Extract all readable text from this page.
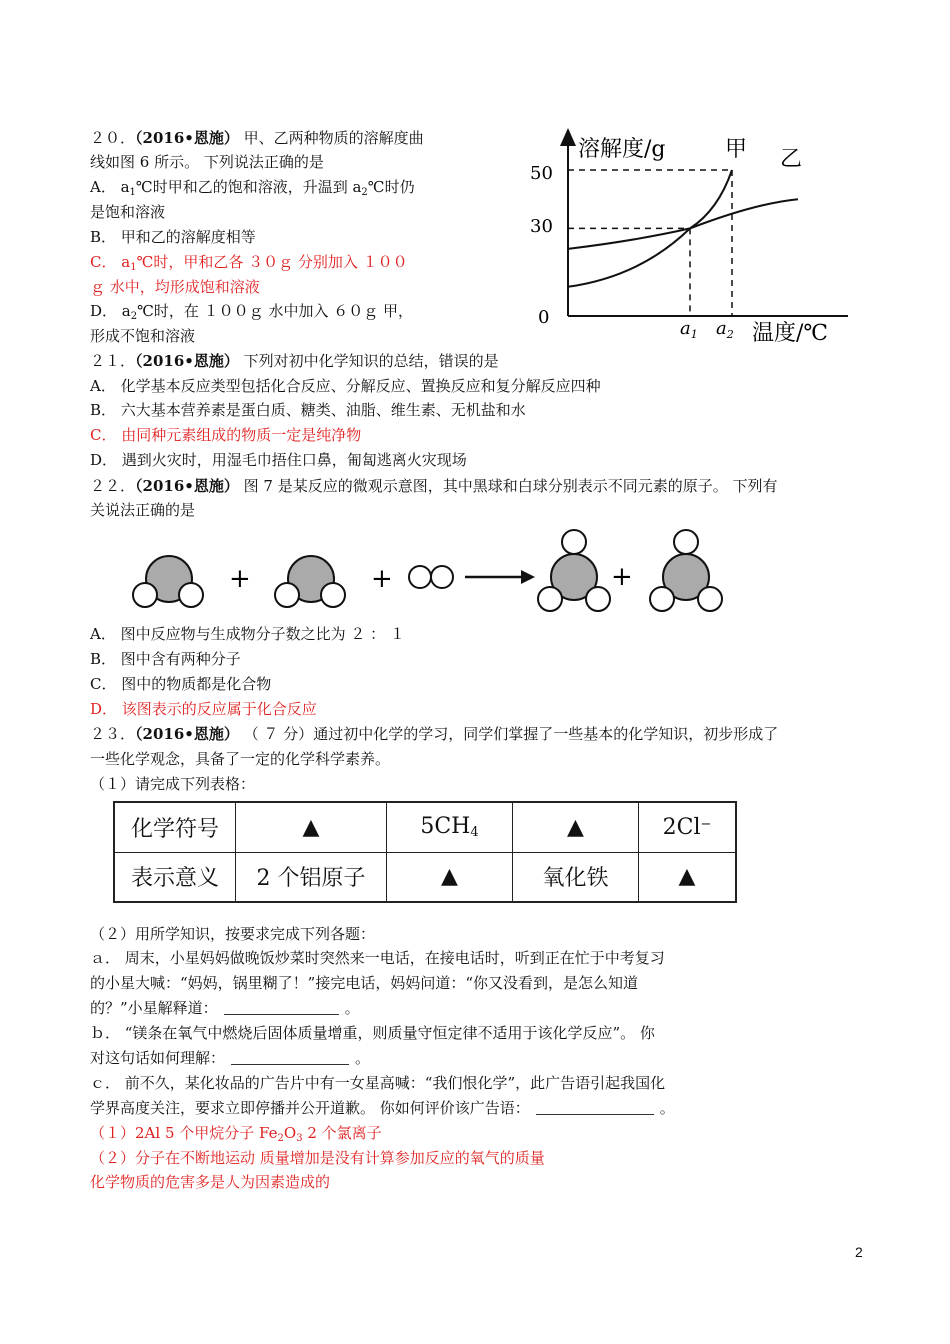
２０．（2016•恩施） 甲、乙两种物质的溶解度曲
线如图 6 所示。 下列说法正确的是
A． $a_1℃$时甲和乙的饱和溶液，升温到 $a_2℃$时仍
是饱和溶液
B． 甲和乙的溶解度相等
C． $a_1℃$时，甲和乙各 ３０ｇ 分别加入 １００
ｇ 水中，均形成饱和溶液
D． $a_2℃$时，在 １００ｇ 水中加入 ６０ｇ 甲，
形成不饱和溶液
溶解度/g	甲 乙
50
30
0
$a_1$ $a_2$ 温度/℃
２１．（2016•恩施） 下列对初中化学知识的总结，错误的是
A． 化学基本反应类型包括化合反应、分解反应、置换反应和复分解反应四种
B． 六大基本营养素是蛋白质、糖类、油脂、维生素、无机盐和水
C． 由同种元素组成的物质一定是纯净物
D． 遇到火灾时，用湿毛巾捂住口鼻，匍匐逃离火灾现场
２２．（2016•恩施） 图 7 是某反应的微观示意图，其中黑球和白球分别表示不同元素的原子。 下列有
关说法正确的是
+	+	+
A． 图中反应物与生成物分子数之比为 ２ ： １
B． 图中含有两种分子
C． 图中的物质都是化合物
D． 该图表示的反应属于化合反应
２３．（2016•恩施） （ ７ 分）通过初中化学的学习，同学们掌握了一些基本的化学知识，初步形成了
一些化学观念，具备了一定的化学科学素养。
（１）请完成下列表格：
化学符号	▲	$5CH_4$	▲	2Cl−
表示意义	2 个铝原子	▲	氧化铁	▲
（２）用所学知识，按要求完成下列各题：
ａ． 周末，小星妈妈做晚饭炒菜时突然来一电话，在接电话时，听到正在忙于中考复习
的小星大喊：“妈妈，锅里糊了！”接完电话，妈妈问道：“你又没看到，是怎么知道
的？”小星解释道：	。
ｂ． “镁条在氧气中燃烧后固体质量增重，则质量守恒定律不适用于该化学反应”。 你
对这句话如何理解：	。
ｃ． 前不久，某化妆品的广告片中有一女星高喊：“我们恨化学”，此广告语引起我国化
学界高度关注，要求立即停播并公开道歉。 你如何评价该广告语：	。
（１）2Al 5 个甲烷分子 $Fe_2O_3$ 2 个氯离子
（２）分子在不断地运动 质量增加是没有计算参加反应的氧气的质量
化学物质的危害多是人为因素造成的
2
